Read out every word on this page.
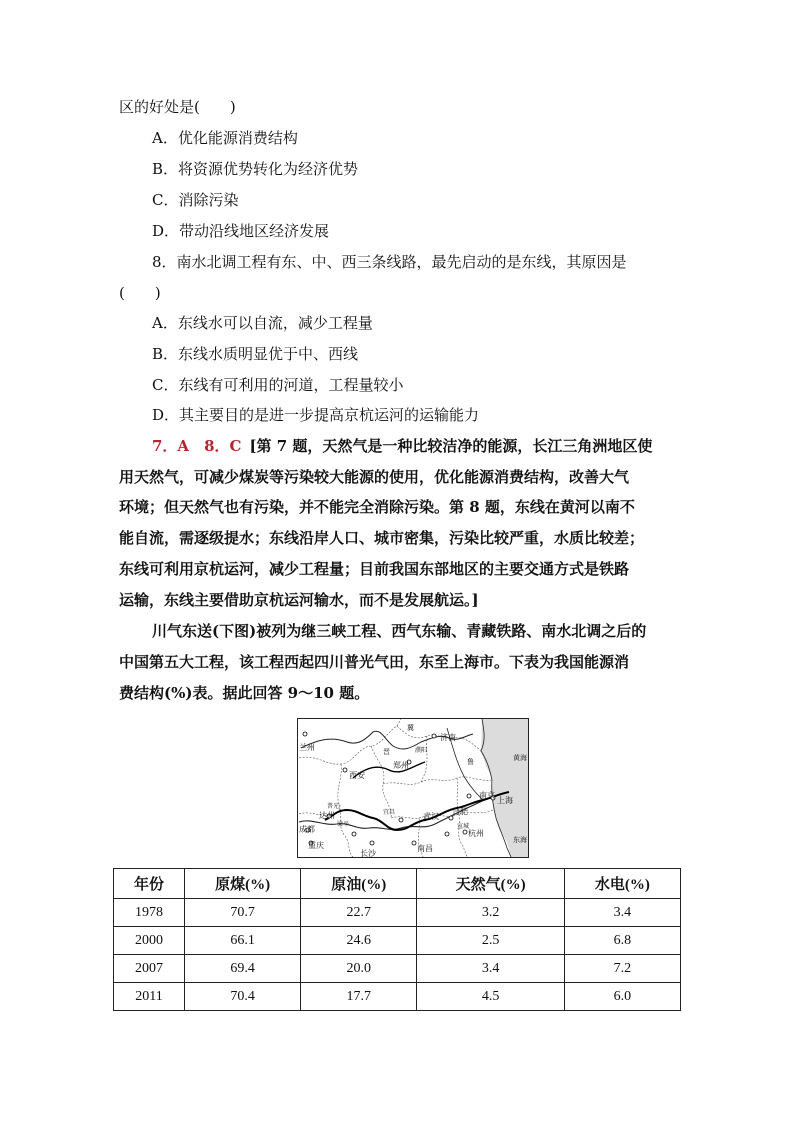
区的好处是(　　)
A．优化能源消费结构
B．将资源优势转化为经济优势
C．消除污染
D．带动沿线地区经济发展
8．南水北调工程有东、中、西三条线路，最先启动的是东线，其原因是
(　　)
A．东线水可以自流，减少工程量
B．东线水质明显优于中、西线
C．东线有可利用的河道，工程量较小
D．其主要目的是进一步提高京杭运河的运输能力
7．A　8．C [第 7 题，天然气是一种比较洁净的能源，长江三角洲地区使
用天然气，可减少煤炭等污染较大能源的使用，优化能源消费结构，改善大气
环境；但天然气也有污染，并不能完全消除污染。第 8 题，东线在黄河以南不
能自流，需逐级提水；东线沿岸人口、城市密集，污染比较严重，水质比较差；
东线可利用京杭运河，减少工程量；目前我国东部地区的主要交通方式是铁路
运输，东线主要借助京杭运河输水，而不是发展航运。]
川气东送(下图)被列为继三峡工程、西气东输、青藏铁路、南水北调之后的
中国第五大工程，该工程西起四川普光气田，东至上海市。下表为我国能源消
费结构(%)表。据此回答 9～10 题。
兰州
济南
郑州
西安
南京
上海
合肥
武汉
成都
重庆
达州
长沙
南昌
杭州
宜昌
普光
梁平	宣城
黄海
东海
冀
晋
鲁
濮阳
年份	原煤(%)	原油(%)	天然气(%)	水电(%)
1978	70.7	22.7	3.2	3.4
2000	66.1	24.6	2.5	6.8
2007	69.4	20.0	3.4	7.2
2011	70.4	17.7	4.5	6.0
